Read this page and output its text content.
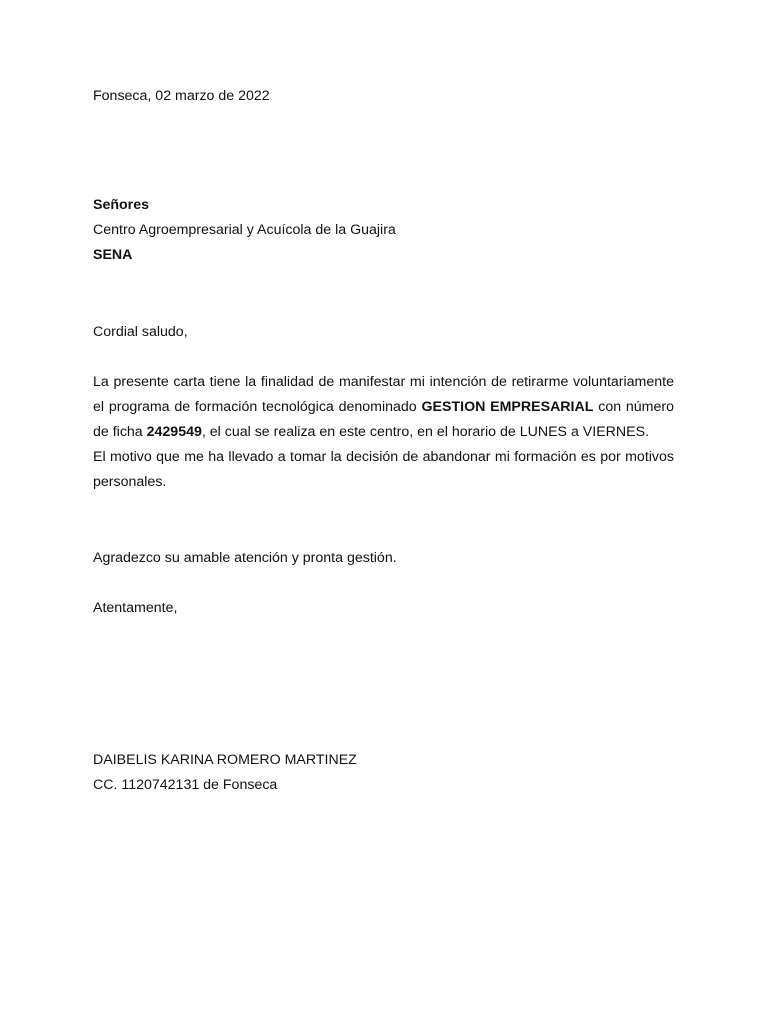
Fonseca, 02 marzo de 2022
Señores
Centro Agroempresarial y Acuícola de la Guajira
SENA
Cordial saludo,

La presente carta tiene la finalidad de manifestar mi intención de retirarme voluntariamente el programa de formación tecnológica denominado GESTION EMPRESARIAL con número de ficha 2429549, el cual se realiza en este centro, en el horario de LUNES a VIERNES.

El motivo que me ha llevado a tomar la decisión de abandonar mi formación es por motivos personales.

Agradezco su amable atención y pronta gestión.
Atentamente,
DAIBELIS KARINA ROMERO MARTINEZ
CC. 1120742131 de Fonseca
